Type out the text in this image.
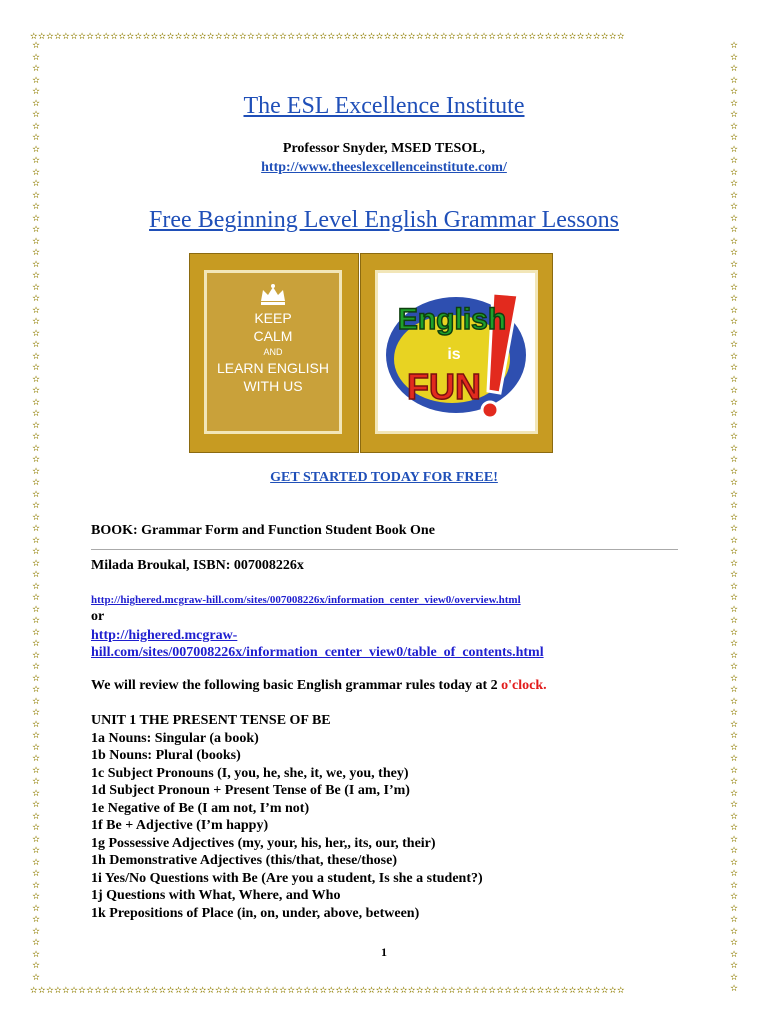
✫✫✫✫✫✫✫✫✫✫✫✫✫✫✫✫✫✫✫✫✫✫✫✫✫✫✫✫✫✫✫✫✫✫✫✫✫✫✫✫✫✫✫✫✫✫✫✫✫✫✫✫✫✫✫✫✫✫✫✫✫✫✫✫✫✫✫✫✫✫✫✫✫✫
✫✫✫✫✫✫✫✫✫✫✫✫✫✫✫✫✫✫✫✫✫✫✫✫✫✫✫✫✫✫✫✫✫✫✫✫✫✫✫✫✫✫✫✫✫✫✫✫✫✫✫✫✫✫✫✫✫✫✫✫✫✫✫✫✫✫✫✫✫✫✫✫✫✫
✫✫✫✫✫✫✫✫✫✫✫✫✫✫✫✫✫✫✫✫✫✫✫✫✫✫✫✫✫✫✫✫✫✫✫✫✫✫✫✫✫✫✫✫✫✫✫✫✫✫✫✫✫✫✫✫✫✫✫✫✫✫✫✫✫✫✫✫✫✫✫✫✫✫✫✫✫✫✫✫✫✫
✫✫✫✫✫✫✫✫✫✫✫✫✫✫✫✫✫✫✫✫✫✫✫✫✫✫✫✫✫✫✫✫✫✫✫✫✫✫✫✫✫✫✫✫✫✫✫✫✫✫✫✫✫✫✫✫✫✫✫✫✫✫✫✫✫✫✫✫✫✫✫✫✫✫✫✫✫✫✫✫✫✫✫
The ESL Excellence Institute
Professor Snyder, MSED TESOL,
http://www.theeslexcellenceinstitute.com/
Free Beginning Level English Grammar Lessons
KEEP
CALM
AND
LEARN ENGLISH
WITH US
English
is
FUN
GET STARTED TODAY FOR FREE!
BOOK: Grammar Form and Function Student Book One
Milada Broukal, ISBN: 007008226x
http://highered.mcgraw-hill.com/sites/007008226x/information_center_view0/overview.html
or
http://highered.mcgraw-
hill.com/sites/007008226x/information_center_view0/table_of_contents.html
We will review the following basic English grammar rules today at 2 o'clock.
UNIT 1 THE PRESENT TENSE OF BE
1a Nouns: Singular (a book)
1b Nouns: Plural (books)
1c Subject Pronouns (I, you, he, she, it, we, you, they)
1d Subject Pronoun + Present Tense of Be (I am, I’m)
1e Negative of Be (I am not, I’m not)
1f Be + Adjective (I’m happy)
1g Possessive Adjectives (my, your, his, her,, its, our, their)
1h Demonstrative Adjectives (this/that, these/those)
1i Yes/No Questions with Be (Are you a student, Is she a student?)
1j Questions with What, Where, and Who
1k Prepositions of Place (in, on, under, above, between)
1
